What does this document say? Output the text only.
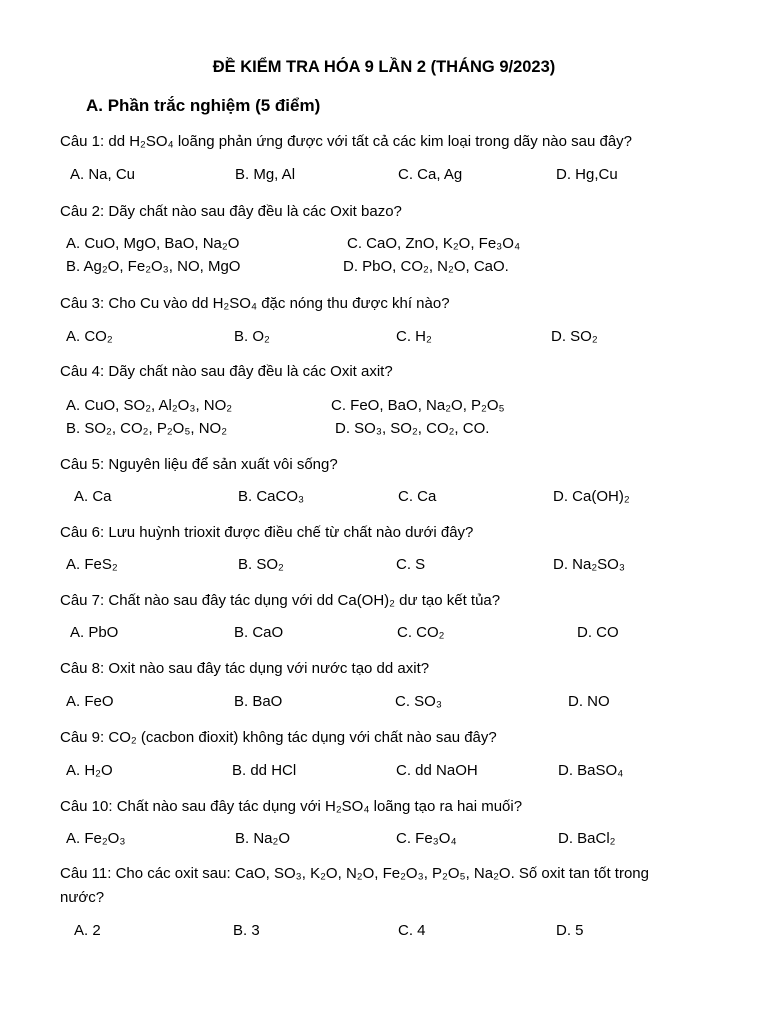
ĐỀ KIỂM TRA HÓA 9 LẦN 2 (THÁNG 9/2023)
A. Phần trắc nghiệm (5 điểm)
Câu 1: dd H₂SO₄ loãng phản ứng được với tất cả các kim loại trong dãy nào sau đây?
A. Na, Cu	B. Mg, Al	C. Ca, Ag	D. Hg,Cu
Câu 2: Dãy chất nào sau đây đều là các Oxit bazo?
A. CuO, MgO, BaO, Na₂O	C. CaO, ZnO, K₂O, Fe₃O₄
B. Ag₂O, Fe₂O₃, NO, MgO	D. PbO, CO₂, N₂O, CaO.
Câu 3: Cho Cu vào dd H₂SO₄ đặc nóng thu được khí nào?
A. CO₂	B. O₂	C. H₂	D. SO₂
Câu 4: Dãy chất nào sau đây đều là các Oxit axit?
A. CuO, SO₂, Al₂O₃, NO₂	C. FeO, BaO, Na₂O, P₂O₅
B. SO₂, CO₂, P₂O₅, NO₂	D. SO₃, SO₂, CO₂, CO.
Câu 5: Nguyên liệu để sản xuất vôi sống?
A. Ca	B. CaCO₃	C. Ca	D. Ca(OH)₂
Câu 6: Lưu huỳnh trioxit được điều chế từ chất nào dưới đây?
A. FeS₂	B. SO₂	C. S	D. Na₂SO₃
Câu 7: Chất nào sau đây tác dụng với dd Ca(OH)₂ dư tạo kết tủa?
A. PbO	B. CaO	C. CO₂	D. CO
Câu 8: Oxit nào sau đây tác dụng với nước tạo dd axit?
A. FeO	B. BaO	C. SO₃	D. NO
Câu 9: CO₂ (cacbon đioxit) không tác dụng với chất nào sau đây?
A. H₂O	B. dd HCl	C. dd NaOH	D. BaSO₄
Câu 10: Chất nào sau đây tác dụng với H₂SO₄ loãng tạo ra hai muối?
A. Fe₂O₃	B. Na₂O	C. Fe₃O₄	D. BaCl₂
Câu 11: Cho các oxit sau: CaO, SO₃, K₂O, N₂O, Fe₂O₃, P₂O₅, Na₂O. Số oxit tan tốt trong nước?
A. 2	B. 3	C. 4	D. 5
